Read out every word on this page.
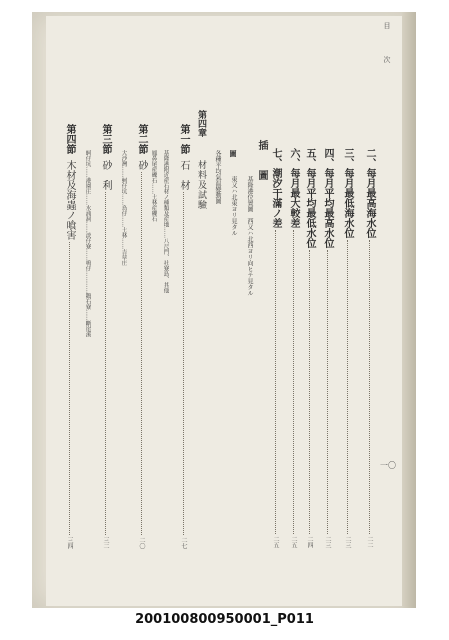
目　次
插　　圖	二、每月最高海水位
二二
三、每月最低海水位
二三
四、每月平均最高水位
二三
五、每月平均最低水位
二四
六、每月最大較差
二五
七、潮汐干滿ノ差
二五
圖
基隆港位置圖　西又ハ北西ヨリ向ヒテ見タル
東又ハ北東ヨリ見タル
各種平均氣温變動圖
第四章
材料及試驗
第一節
石　材
二七
基隆港附近産石材ノ種類及産地……八尺門、社寮島、其他
鳳鼻尾産礫石……土林産礫石
第二節
砂
二〇
大沙灣……蚵仔坑……鳥仔……土林……吉草庄
第三節
砂　利
三二
蚵仔坑……港園庄……水湳洞……淡仔寮……鳴仔…………鵝石寮……斷崖溪
第四節
木材及海蟲ノ喰害
三四
一〇
200100800950001_P011
